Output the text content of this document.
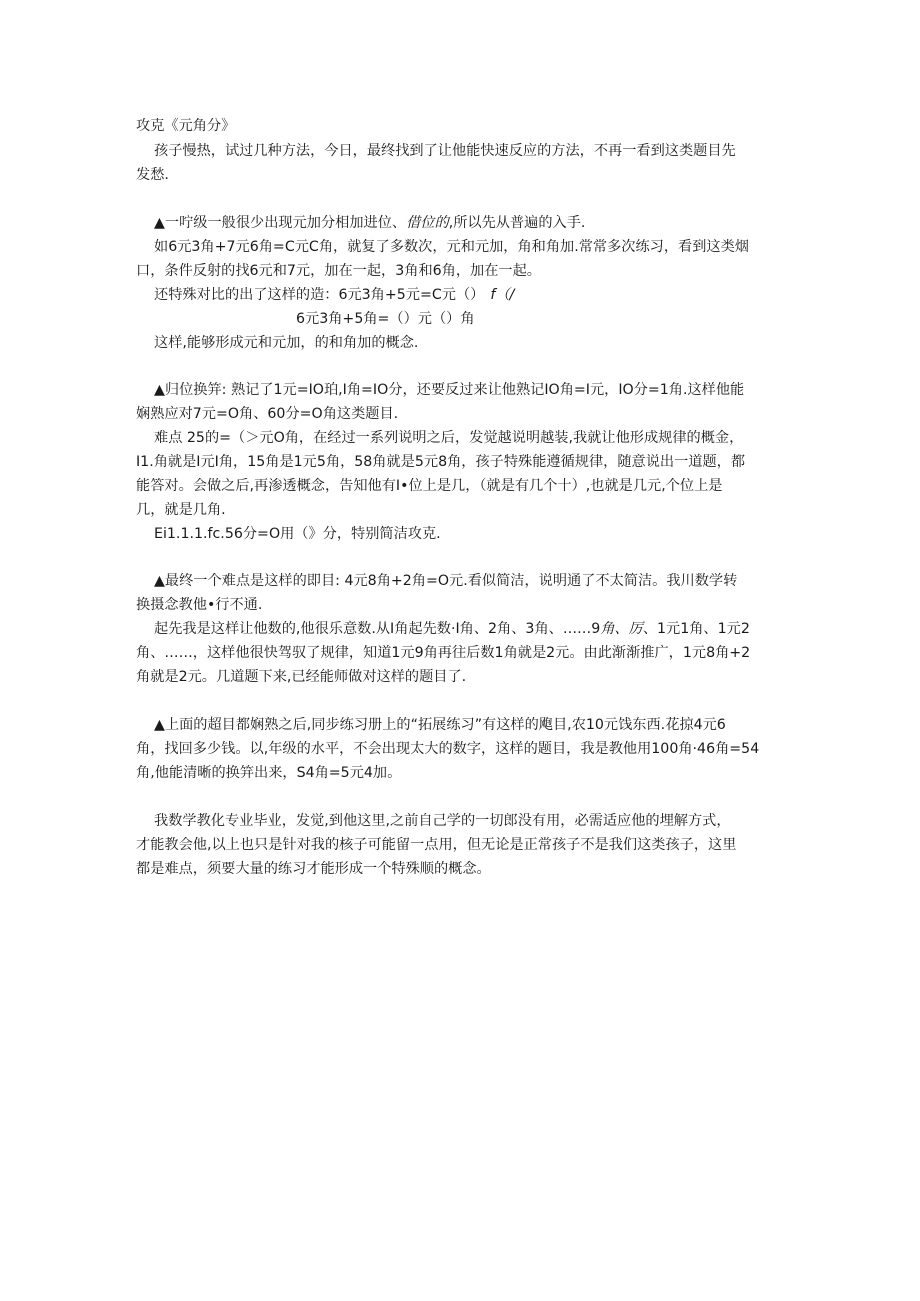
攻克《元角分》
孩子慢热，试过几种方法，今日，最终找到了让他能快速反应的方法，不再一看到这类题目先
发愁.
▲一咛级一般很少出现元加分相加进位、借位的,所以先从普遍的入手.
如6元3角+7元6角=C元C角，就复了多数次，元和元加，角和角加.常常多次练习，看到这类烟
口，条件反射的找6元和7元，加在一起，3角和6角，加在一起。
还特殊对比的出了这样的造：6元3角+5元=C元（） f（/
6元3角+5角=（）元（）角
这样,能够形成元和元加，的和角加的概念.
▲归位换笄: 熟记了1元=IO珀,I角=IO分，还要反过来让他熟记IO角=I元，IO分=1角.这样他能
娴熟应对7元=O角、60分=O角这类题目.
难点 25的=（＞元O角，在经过一系列说明之后，发觉越说明越装,我就让他形成规律的概金，
I1.角就是I元I角，15角是1元5角，58角就是5元8角，孩子特殊能遵循规律，随意说出一道题，都
能答对。会做之后,再渗透概念，告知他有I•位上是几，（就是有几个十）,也就是几元,个位上是
几，就是几角.
Ei1.1.1.fc.56分=O用（》分，特别简洁攻克.
▲最终一个难点是这样的即目: 4元8角+2角=O元.看似简洁，说明通了不太简洁。我川数学转
换摄念教他•行不通.
起先我是这样让他数的,他很乐意数.从I角起先数·I角、2角、3角、……9角、厉、1元1角、1元2
角、……，这样他很快驾驭了规律，知道1元9角再往后数1角就是2元。由此渐渐推广，1元8角+2
角就是2元。几道题下来,已经能师做对这样的题目了.
▲上面的超目都娴熟之后,同步练习册上的“拓展练习”有这样的飑目,农10元饯东西.花掠4元6
角，找回多少钱。以,年级的水平，不会出现太大的数字，这样的题目，我是教他用100角·46角=54
角,他能清晰的换笄出来，S4角=5元4加。
我数学教化专业毕业，发觉,到他这里,之前自己学的一切郎没有用，必需适应他的埋解方式，
才能教会他,以上也只是针对我的核子可能留一点用，但无论是正常孩子不是我们这类孩子，这里
都是难点，须要大量的练习才能形成一个特殊顺的概念。
